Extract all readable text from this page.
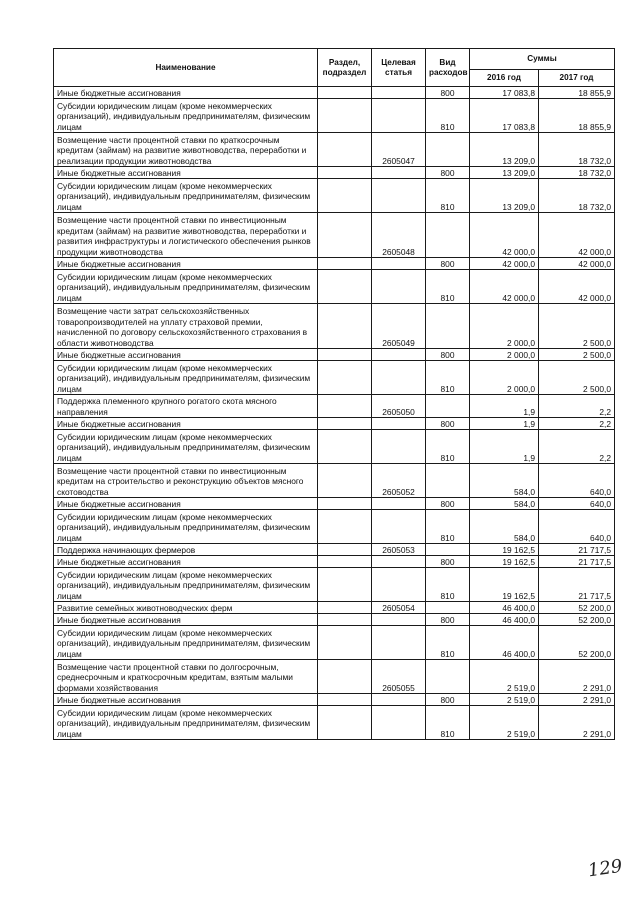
Наименование	Раздел, подраздел	Целевая статья	Вид расходов	Суммы	
				2016 год	2017 год
Иные бюджетные ассигнования			800	17 083,8	18 855,9
Субсидии юридическим лицам (кроме некоммерческих организаций), индивидуальным предпринимателям, физическим лицам			810	17 083,8	18 855,9
Возмещение части процентной ставки по краткосрочным кредитам (займам) на развитие животноводства, переработки и реализации продукции животноводства		2605047		13 209,0	18 732,0
Иные бюджетные ассигнования			800	13 209,0	18 732,0
Субсидии юридическим лицам (кроме некоммерческих организаций), индивидуальным предпринимателям, физическим лицам			810	13 209,0	18 732,0
Возмещение части процентной ставки по инвестиционным кредитам (займам) на развитие животноводства, переработки и развития инфраструктуры и логистического обеспечения рынков продукции животноводства		2605048		42 000,0	42 000,0
Иные бюджетные ассигнования			800	42 000,0	42 000,0
Субсидии юридическим лицам (кроме некоммерческих организаций), индивидуальным предпринимателям, физическим лицам			810	42 000,0	42 000,0
Возмещение части затрат сельскохозяйственных товаропроизводителей на уплату страховой премии, начисленной по договору сельскохозяйственного страхования в области животноводства		2605049		2 000,0	2 500,0
Иные бюджетные ассигнования			800	2 000,0	2 500,0
Субсидии юридическим лицам (кроме некоммерческих организаций), индивидуальным предпринимателям, физическим лицам			810	2 000,0	2 500,0
Поддержка племенного крупного рогатого скота мясного направления		2605050		1,9	2,2
Иные бюджетные ассигнования			800	1,9	2,2
Субсидии юридическим лицам (кроме некоммерческих организаций), индивидуальным предпринимателям, физическим лицам			810	1,9	2,2
Возмещение части процентной ставки по инвестиционным кредитам на строительство и реконструкцию объектов мясного скотоводства		2605052		584,0	640,0
Иные бюджетные ассигнования			800	584,0	640,0
Субсидии юридическим лицам (кроме некоммерческих организаций), индивидуальным предпринимателям, физическим лицам			810	584,0	640,0
Поддержка начинающих фермеров		2605053		19 162,5	21 717,5
Иные бюджетные ассигнования			800	19 162,5	21 717,5
Субсидии юридическим лицам (кроме некоммерческих организаций), индивидуальным предпринимателям, физическим лицам			810	19 162,5	21 717,5
Развитие семейных животноводческих ферм		2605054		46 400,0	52 200,0
Иные бюджетные ассигнования			800	46 400,0	52 200,0
Субсидии юридическим лицам (кроме некоммерческих организаций), индивидуальным предпринимателям, физическим лицам			810	46 400,0	52 200,0
Возмещение части процентной ставки по долгосрочным, среднесрочным и краткосрочным кредитам, взятым малыми формами хозяйствования		2605055		2 519,0	2 291,0
Иные бюджетные ассигнования			800	2 519,0	2 291,0
Субсидии юридическим лицам (кроме некоммерческих организаций), индивидуальным предпринимателям, физическим лицам			810	2 519,0	2 291,0
129
